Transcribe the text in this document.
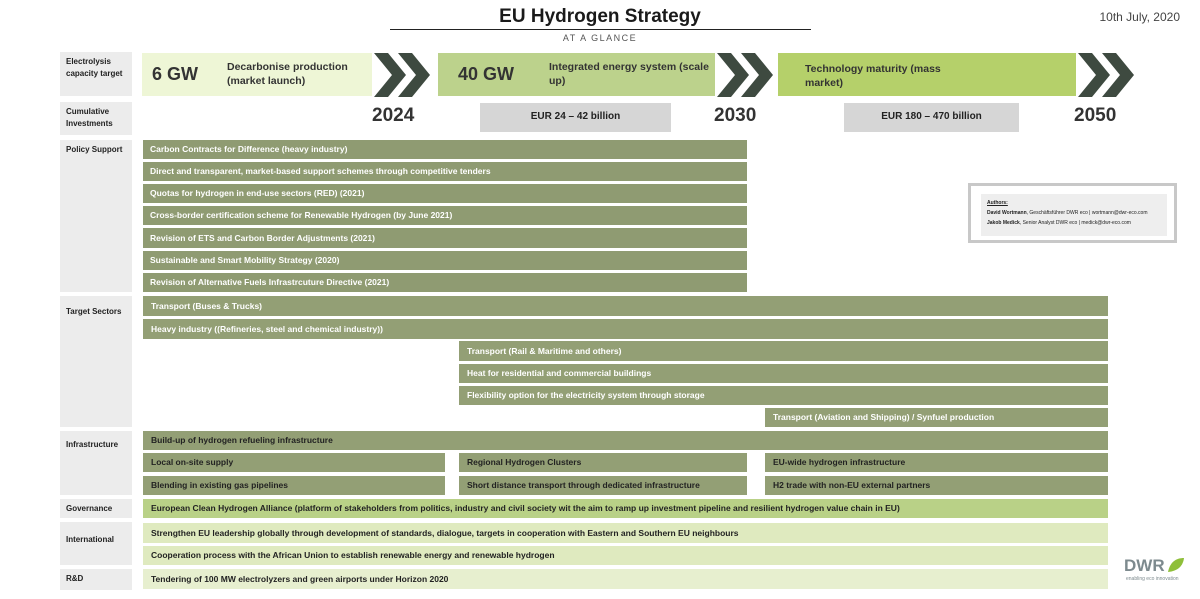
EU Hydrogen Strategy
AT A GLANCE
10th July, 2020
Electrolysis capacity target
Cumulative Investments
Policy Support
Target Sectors
Infrastructure
Governance
International
R&D
6 GW	Decarbonise production (market launch)	40 GW	Integrated energy system (scale up)
Technology maturity (mass market)
2024	2030	2050
EUR 24 – 42 billion	EUR 180 – 470 billion
Carbon Contracts for Difference (heavy industry)
Direct and transparent, market-based support schemes through competitive tenders
Quotas for hydrogen in end-use sectors (RED) (2021)
Cross-border certification scheme for Renewable Hydrogen (by June 2021)
Revision of ETS and Carbon Border Adjustments (2021)
Sustainable and Smart Mobility Strategy (2020)
Revision of Alternative Fuels Infrastrcuture Directive (2021)
Transport (Buses & Trucks)
Heavy industry ((Refineries, steel and chemical industry))
Transport (Rail & Maritime and others)
Heat for residential and commercial buildings
Flexibility option for the electricity system through storage
Transport (Aviation and Shipping) / Synfuel production
Build-up of hydrogen refueling infrastructure
Local on-site supply	Regional Hydrogen Clusters	EU-wide hydrogen infrastructure
Blending in existing gas pipelines	Short distance transport through dedicated infrastructure	H2 trade with non-EU external partners
European Clean Hydrogen Alliance (platform of stakeholders from politics, industry and civil society wit the aim to ramp up investment pipeline and resilient hydrogen value chain in EU)
Strengthen EU leadership globally through development of standards, dialogue, targets in cooperation with Eastern and Southern EU neighbours
Cooperation process with the African Union to establish renewable energy and renewable hydrogen
Tendering of 100 MW electrolyzers and green airports under Horizon 2020
Authors:
David Wortmann, Geschäftsführer DWR eco | wortmann@dwr-eco.com
Jakob Medick, Senior Analyst DWR eco | medick@dwr-eco.com
DWR
enabling eco innovation
